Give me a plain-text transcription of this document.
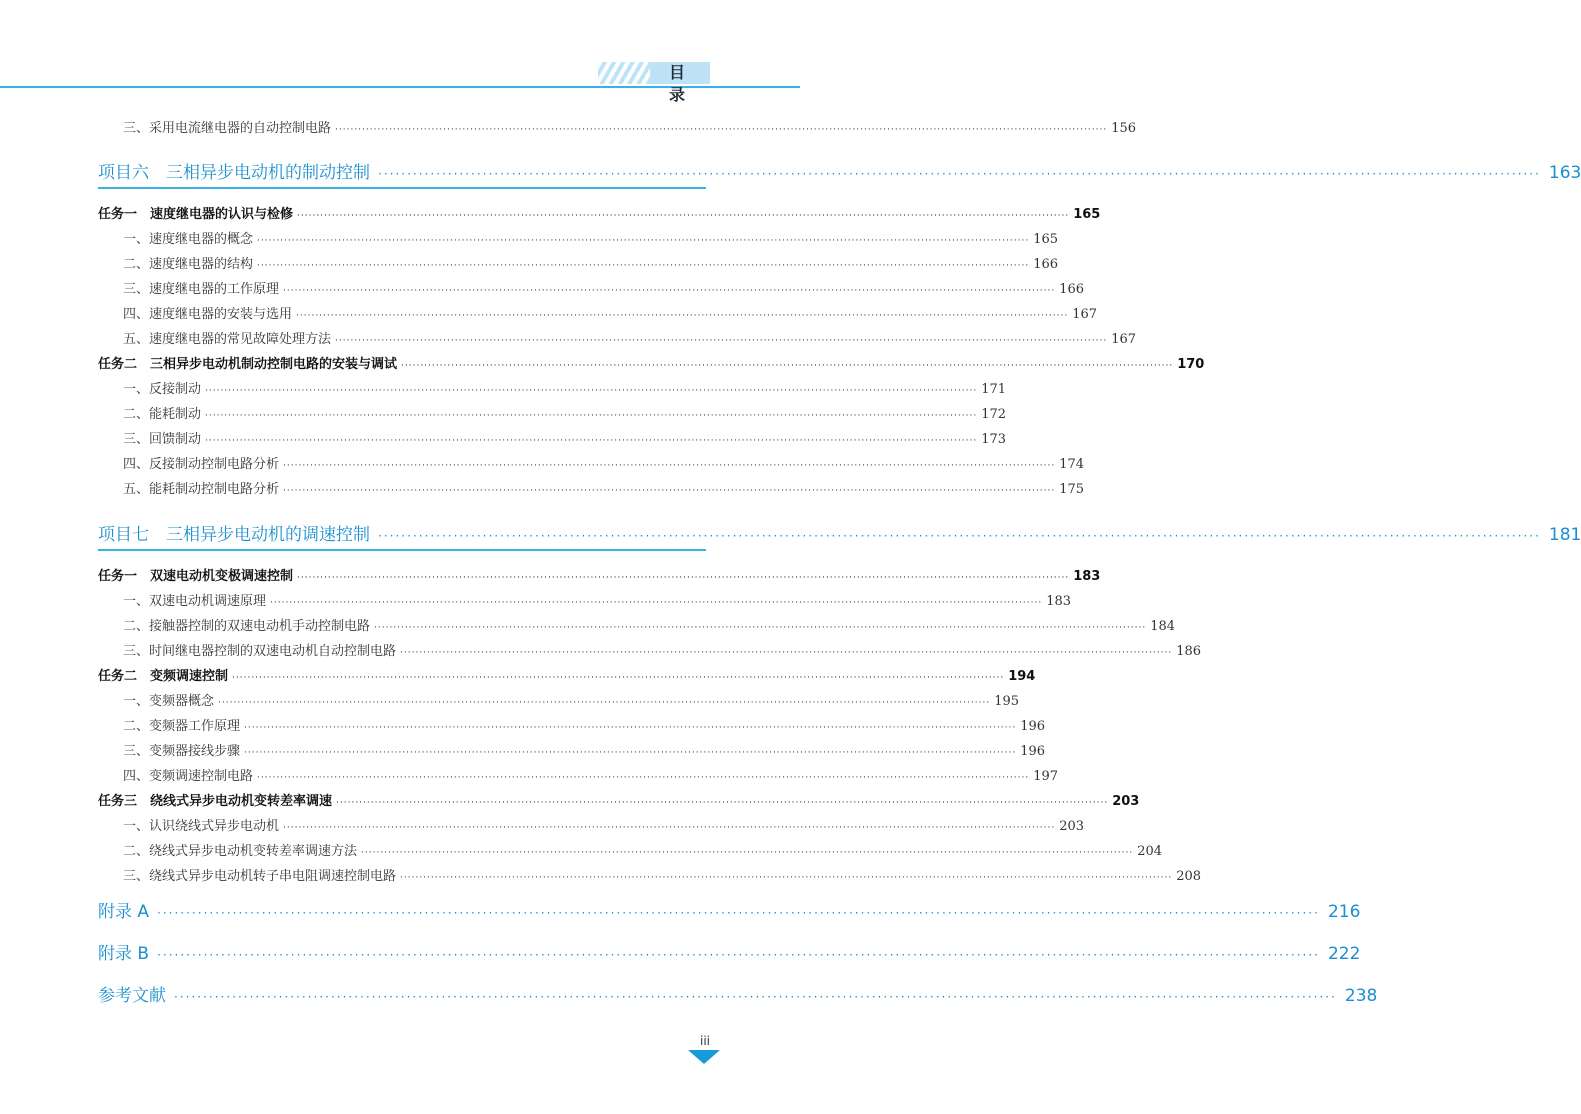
目 录
三、采用电流继电器的自动控制电路 ········································································································································································································ 156
项目六　三相异步电动机的制动控制 ········································································································································································································ 163
任务一　速度继电器的认识与检修 ········································································································································································································ 165
一、速度继电器的概念 ········································································································································································································ 165
二、速度继电器的结构 ········································································································································································································ 166
三、速度继电器的工作原理 ········································································································································································································ 166
四、速度继电器的安装与选用 ········································································································································································································ 167
五、速度继电器的常见故障处理方法 ········································································································································································································ 167
任务二　三相异步电动机制动控制电路的安装与调试 ········································································································································································································ 170
一、反接制动 ········································································································································································································ 171
二、能耗制动 ········································································································································································································ 172
三、回馈制动 ········································································································································································································ 173
四、反接制动控制电路分析 ········································································································································································································ 174
五、能耗制动控制电路分析 ········································································································································································································ 175
项目七　三相异步电动机的调速控制 ········································································································································································································ 181
任务一　双速电动机变极调速控制 ········································································································································································································ 183
一、双速电动机调速原理 ········································································································································································································ 183
二、接触器控制的双速电动机手动控制电路 ········································································································································································································ 184
三、时间继电器控制的双速电动机自动控制电路 ········································································································································································································ 186
任务二　变频调速控制 ········································································································································································································ 194
一、变频器概念 ········································································································································································································ 195
二、变频器工作原理 ········································································································································································································ 196
三、变频器接线步骤 ········································································································································································································ 196
四、变频调速控制电路 ········································································································································································································ 197
任务三　绕线式异步电动机变转差率调速 ········································································································································································································ 203
一、认识绕线式异步电动机 ········································································································································································································ 203
二、绕线式异步电动机变转差率调速方法 ········································································································································································································ 204
三、绕线式异步电动机转子串电阻调速控制电路 ········································································································································································································ 208
附录 A ········································································································································································································ 216
附录 B ········································································································································································································ 222
参考文献 ········································································································································································································ 238
iii
